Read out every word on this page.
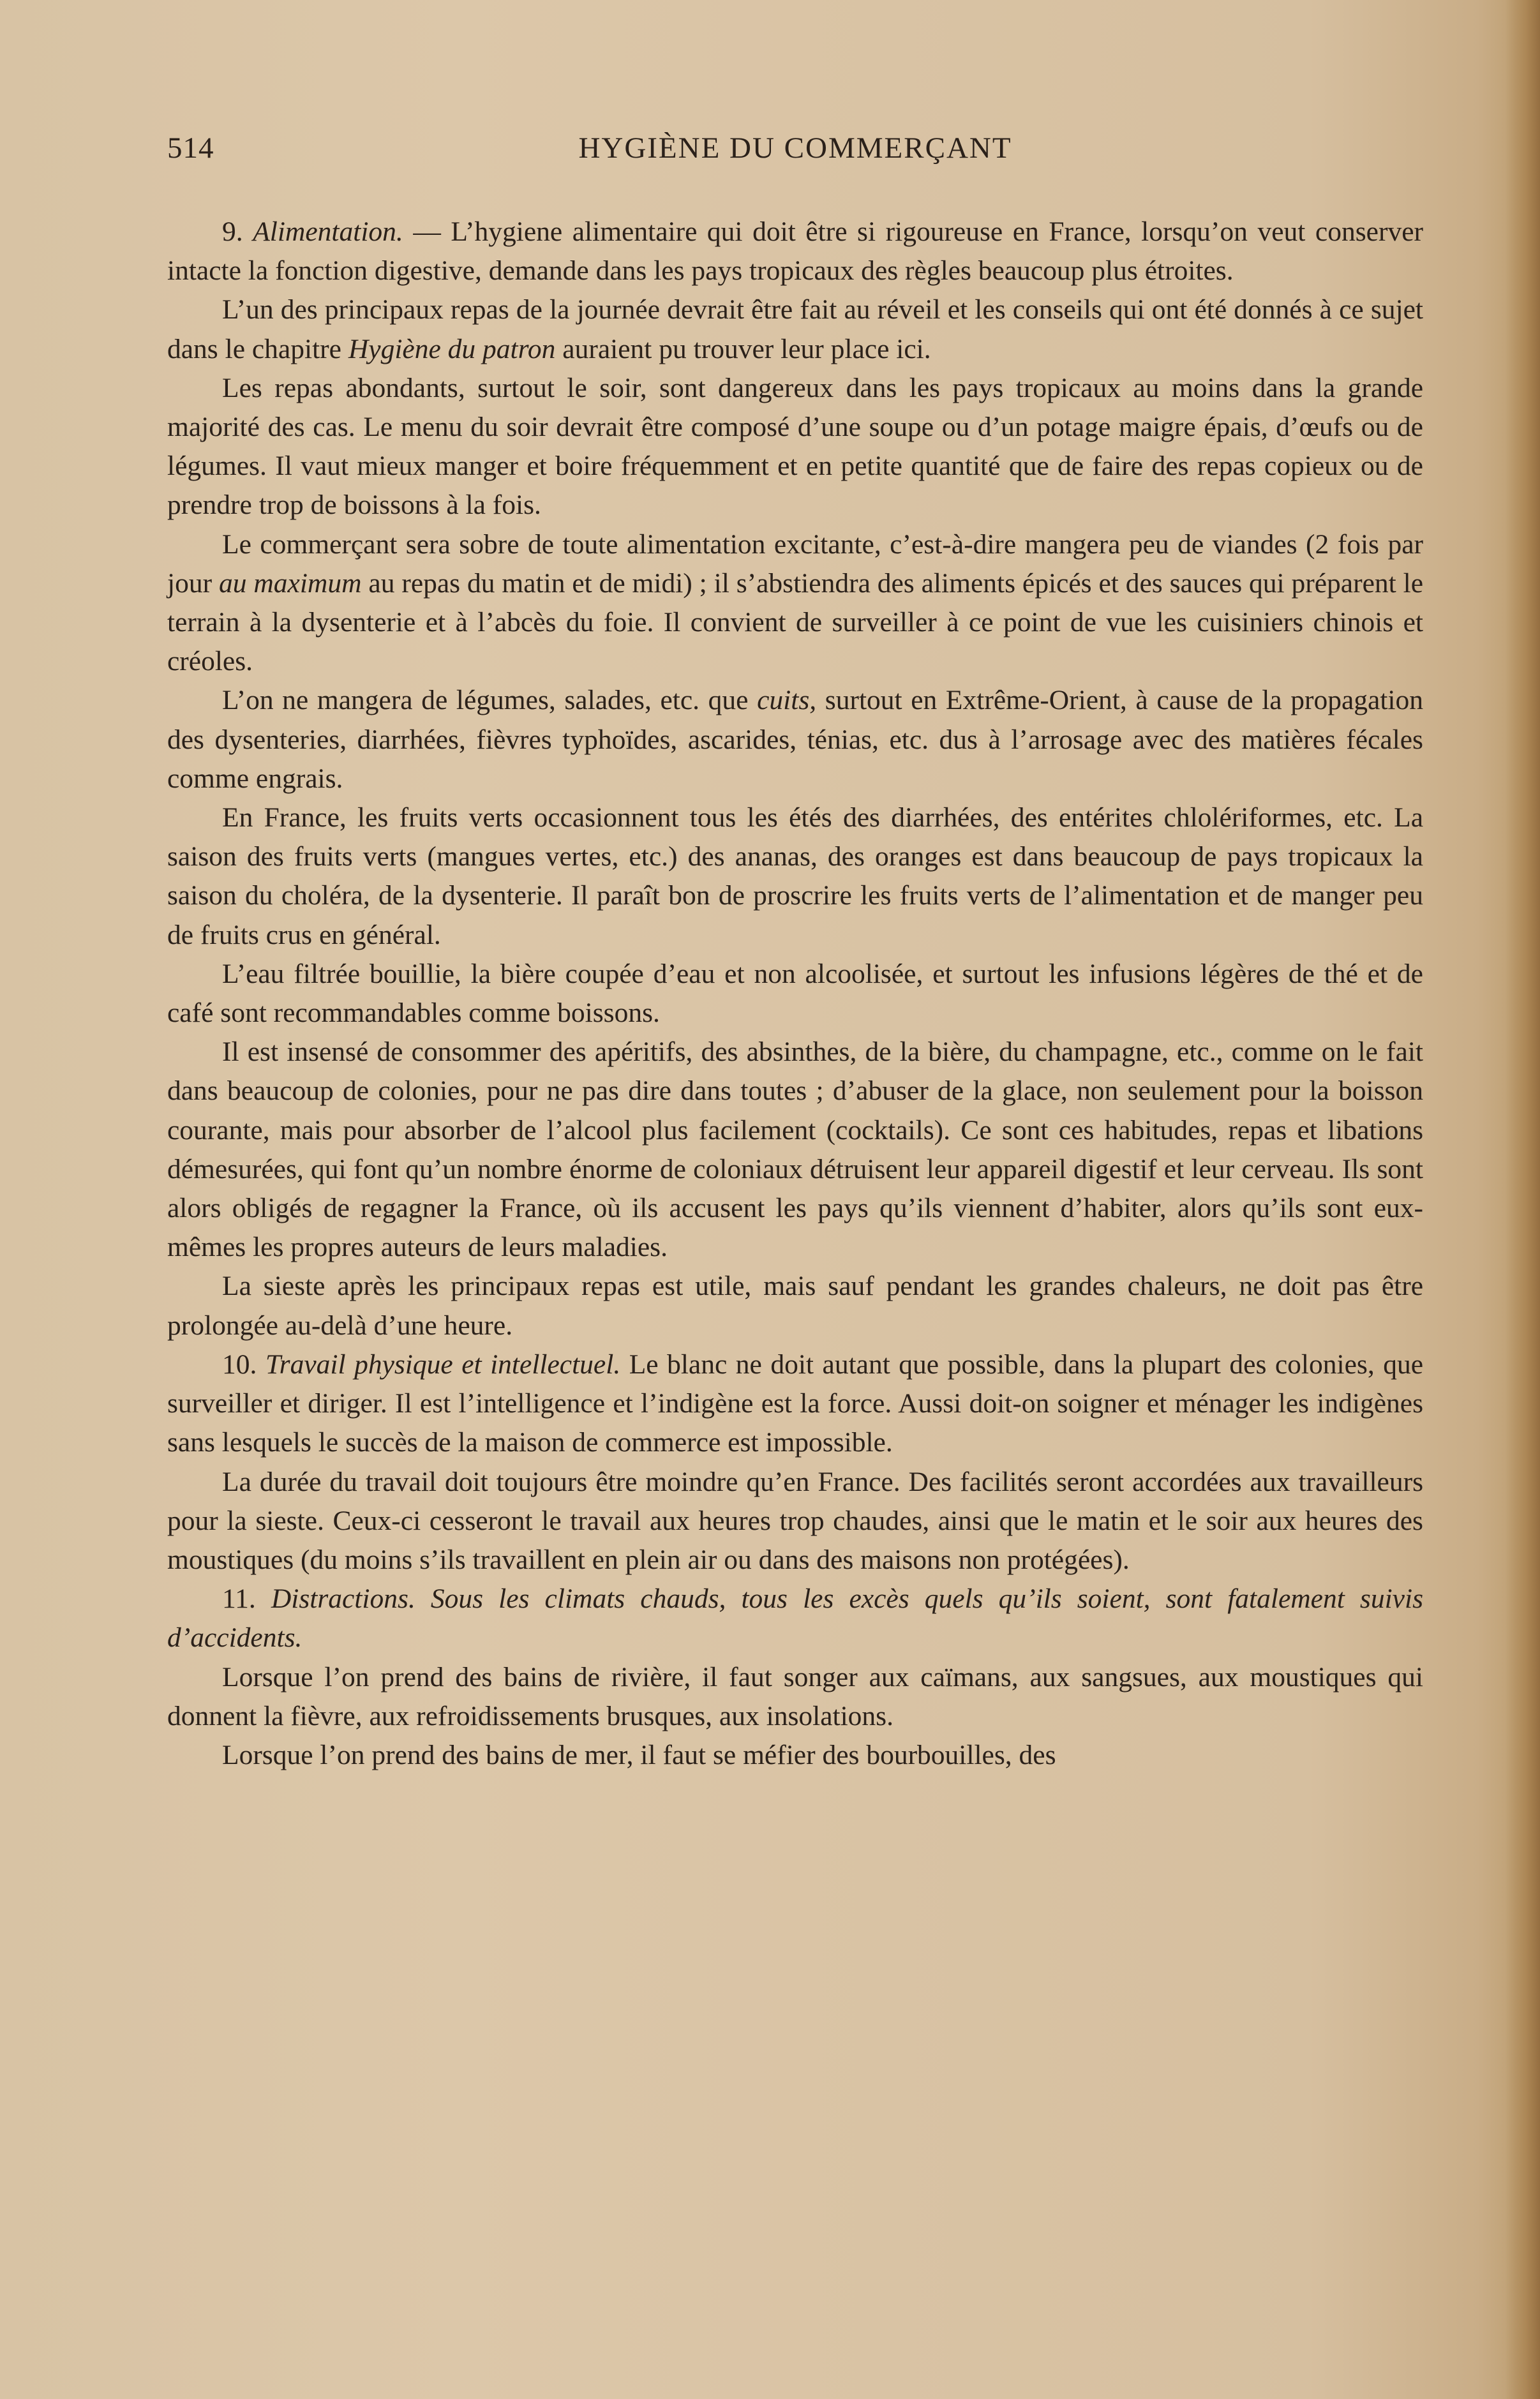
514	HYGIÈNE DU COMMERÇANT

9. Alimentation. — L’hygiene alimentaire qui doit être si rigoureuse en France, lorsqu’on veut conserver intacte la fonction digestive, demande dans les pays tropicaux des règles beaucoup plus étroites.

L’un des principaux repas de la journée devrait être fait au réveil et les conseils qui ont été donnés à ce sujet dans le chapitre Hygiène du patron auraient pu trouver leur place ici.

Les repas abondants, surtout le soir, sont dangereux dans les pays tropicaux au moins dans la grande majorité des cas. Le menu du soir devrait être composé d’une soupe ou d’un potage maigre épais, d’œufs ou de légumes. Il vaut mieux manger et boire fréquemment et en petite quantité que de faire des repas copieux ou de prendre trop de boissons à la fois.

Le commerçant sera sobre de toute alimentation excitante, c’est-à-dire mangera peu de viandes (2 fois par jour au maximum au repas du matin et de midi) ; il s’abstiendra des aliments épicés et des sauces qui préparent le terrain à la dysenterie et à l’abcès du foie. Il convient de surveiller à ce point de vue les cuisiniers chinois et créoles.

L’on ne mangera de légumes, salades, etc. que cuits, surtout en Extrême-Orient, à cause de la propagation des dysenteries, diarrhées, fièvres typhoïdes, ascarides, ténias, etc. dus à l’arrosage avec des matières fécales comme engrais.

En France, les fruits verts occasionnent tous les étés des diarrhées, des entérites chlolériformes, etc. La saison des fruits verts (mangues vertes, etc.) des ananas, des oranges est dans beaucoup de pays tropicaux la saison du choléra, de la dysenterie. Il paraît bon de proscrire les fruits verts de l’alimentation et de manger peu de fruits crus en général.

L’eau filtrée bouillie, la bière coupée d’eau et non alcoolisée, et surtout les infusions légères de thé et de café sont recommandables comme boissons.

Il est insensé de consommer des apéritifs, des absinthes, de la bière, du champagne, etc., comme on le fait dans beaucoup de colonies, pour ne pas dire dans toutes ; d’abuser de la glace, non seulement pour la boisson courante, mais pour absorber de l’alcool plus facilement (cocktails). Ce sont ces habitudes, repas et libations démesurées, qui font qu’un nombre énorme de coloniaux détruisent leur appareil digestif et leur cerveau. Ils sont alors obligés de regagner la France, où ils accusent les pays qu’ils viennent d’habiter, alors qu’ils sont eux-mêmes les propres auteurs de leurs maladies.

La sieste après les principaux repas est utile, mais sauf pendant les grandes chaleurs, ne doit pas être prolongée au-delà d’une heure.

10. Travail physique et intellectuel. Le blanc ne doit autant que possible, dans la plupart des colonies, que surveiller et diriger. Il est l’intelligence et l’indigène est la force. Aussi doit-on soigner et ménager les indigènes sans lesquels le succès de la maison de commerce est impossible.

La durée du travail doit toujours être moindre qu’en France. Des facilités seront accordées aux travailleurs pour la sieste. Ceux-ci cesseront le travail aux heures trop chaudes, ainsi que le matin et le soir aux heures des moustiques (du moins s’ils travaillent en plein air ou dans des maisons non protégées).

11. Distractions. Sous les climats chauds, tous les excès quels qu’ils soient, sont fatalement suivis d’accidents.

Lorsque l’on prend des bains de rivière, il faut songer aux caïmans, aux sangsues, aux moustiques qui donnent la fièvre, aux refroidissements brusques, aux insolations.

Lorsque l’on prend des bains de mer, il faut se méfier des bourbouilles, des
